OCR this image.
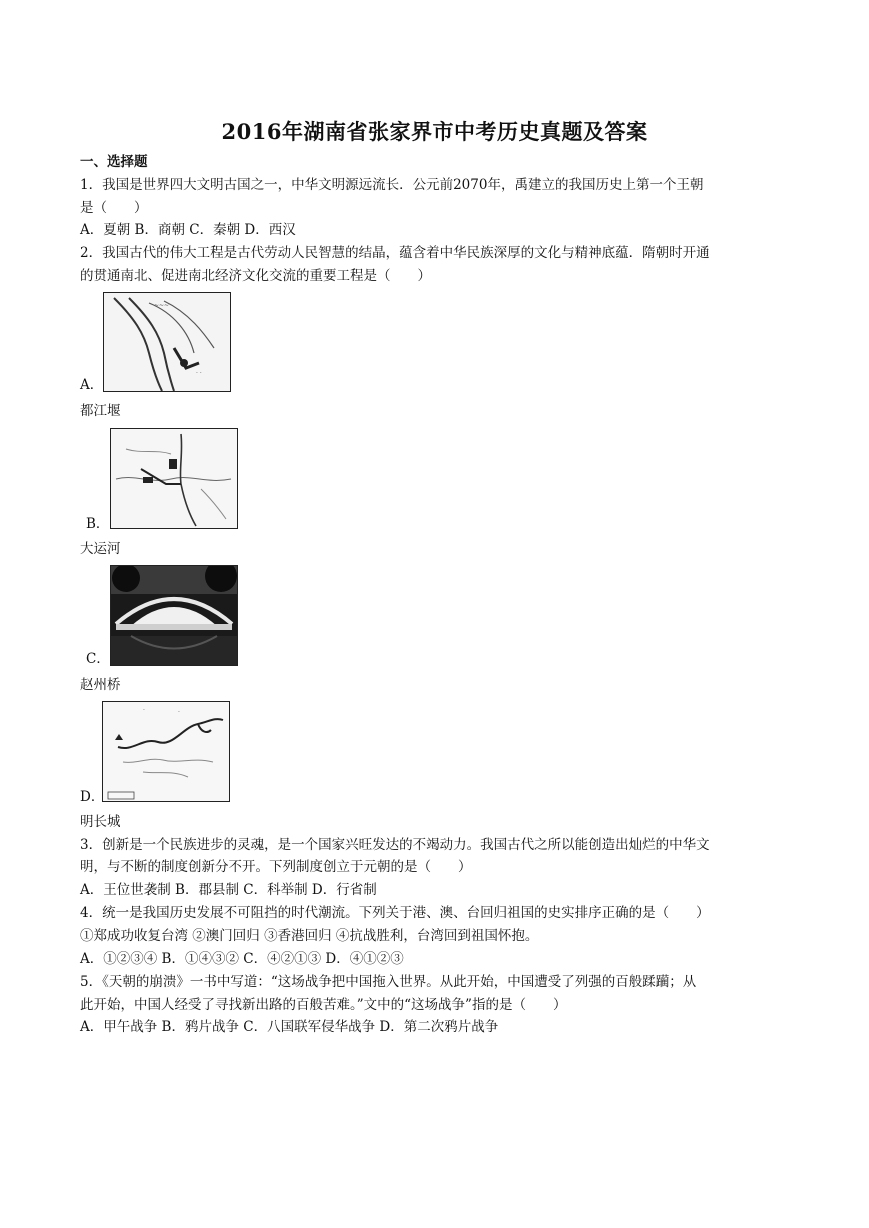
2016年湖南省张家界市中考历史真题及答案
一、选择题
1．我国是世界四大文明古国之一，中华文明源远流长．公元前2070年，禹建立的我国历史上第一个王朝
是（　　）
A．夏朝 B．商朝 C．秦朝 D．西汉
2．我国古代的伟大工程是古代劳动人民智慧的结晶，蕴含着中华民族深厚的文化与精神底蕴．隋朝时开通
的贯通南北、促进南北经济文化交流的重要工程是（　　）
~~~
· ·
A．
都江堰
B．
大运河
C．
赵州桥
·	·
D．
明长城
3．创新是一个民族进步的灵魂，是一个国家兴旺发达的不竭动力。我国古代之所以能创造出灿烂的中华文
明，与不断的制度创新分不开。下列制度创立于元朝的是（　　）
A．王位世袭制 B．郡县制 C．科举制 D．行省制
4．统一是我国历史发展不可阻挡的时代潮流。下列关于港、澳、台回归祖国的史实排序正确的是（　　）
①郑成功收复台湾 ②澳门回归 ③香港回归 ④抗战胜利，台湾回到祖国怀抱。
A．①②③④ B．①④③② C．④②①③ D．④①②③
5．《天朝的崩溃》一书中写道：“这场战争把中国拖入世界。从此开始，中国遭受了列强的百般蹂躏；从
此开始，中国人经受了寻找新出路的百般苦难。”文中的“这场战争”指的是（　　）
A．甲午战争 B．鸦片战争 C．八国联军侵华战争 D．第二次鸦片战争
